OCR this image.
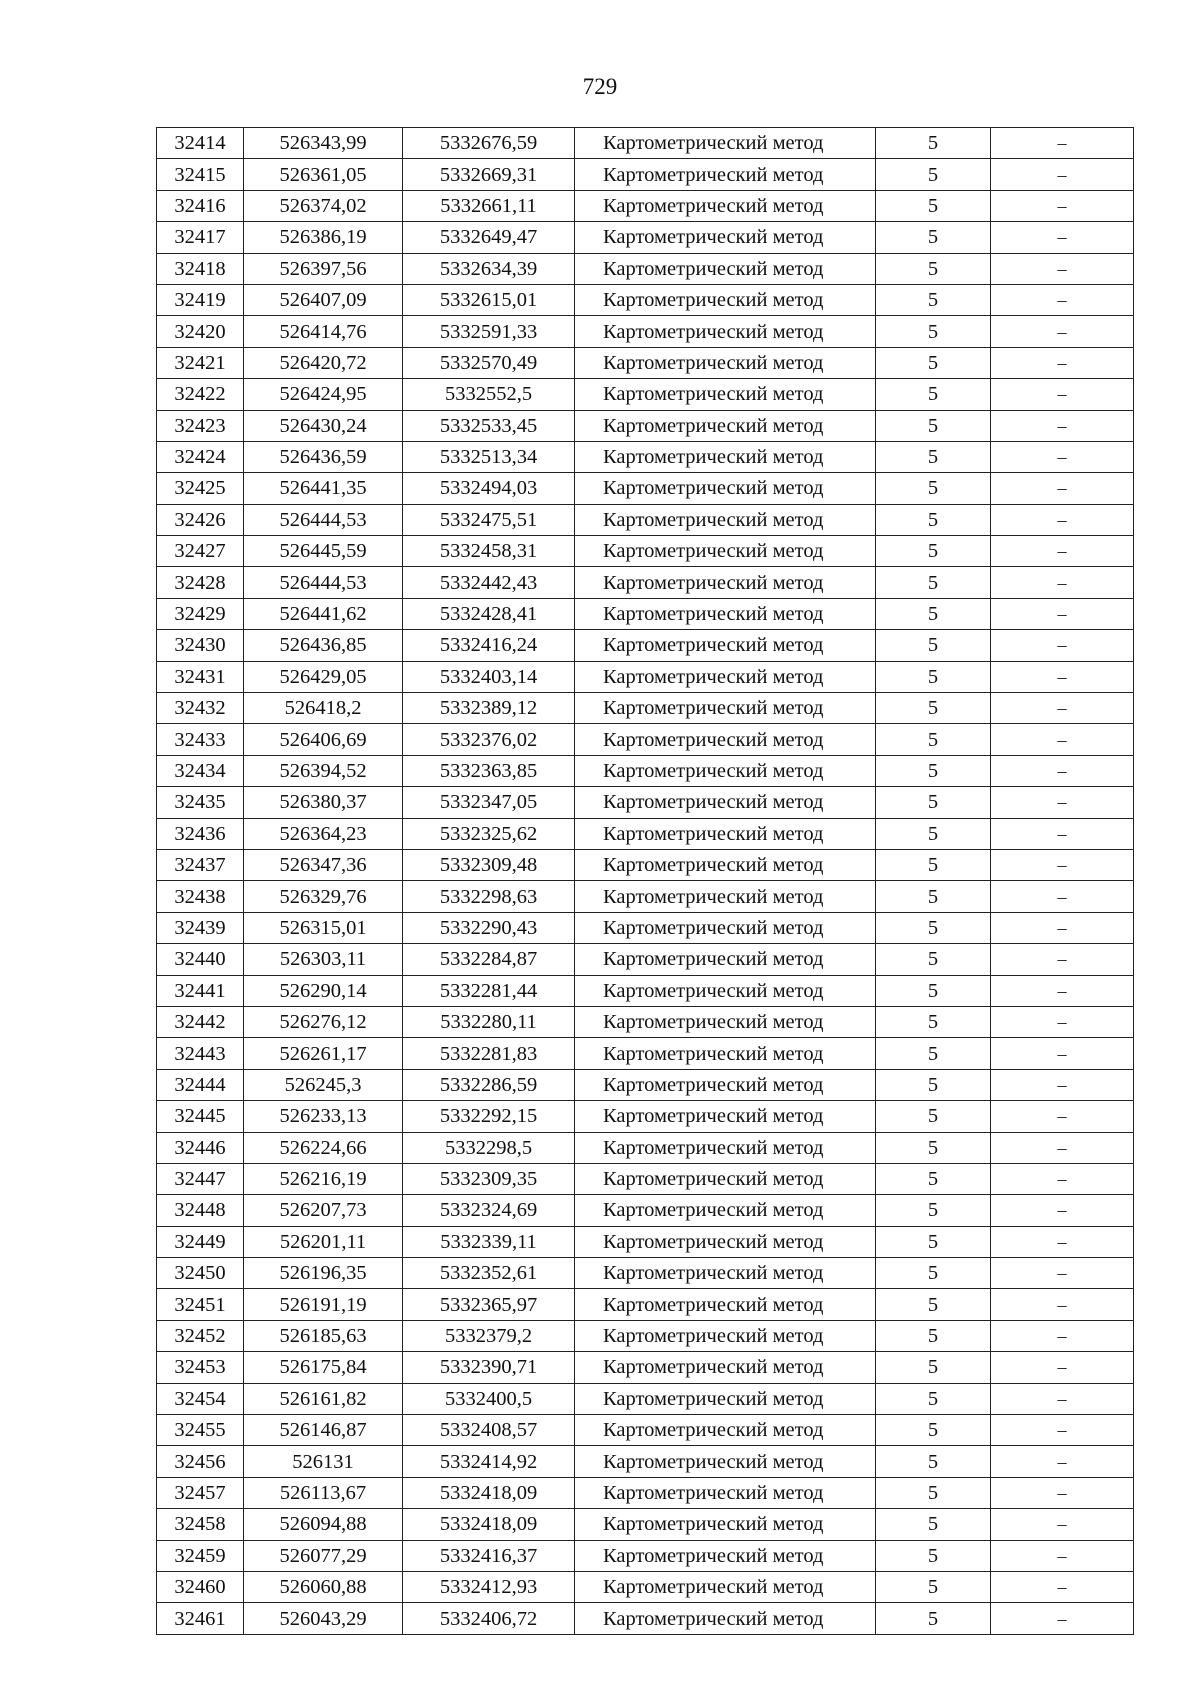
729
32414	526343,99	5332676,59	Картометрический метод	5	–
32415	526361,05	5332669,31	Картометрический метод	5	–
32416	526374,02	5332661,11	Картометрический метод	5	–
32417	526386,19	5332649,47	Картометрический метод	5	–
32418	526397,56	5332634,39	Картометрический метод	5	–
32419	526407,09	5332615,01	Картометрический метод	5	–
32420	526414,76	5332591,33	Картометрический метод	5	–
32421	526420,72	5332570,49	Картометрический метод	5	–
32422	526424,95	5332552,5	Картометрический метод	5	–
32423	526430,24	5332533,45	Картометрический метод	5	–
32424	526436,59	5332513,34	Картометрический метод	5	–
32425	526441,35	5332494,03	Картометрический метод	5	–
32426	526444,53	5332475,51	Картометрический метод	5	–
32427	526445,59	5332458,31	Картометрический метод	5	–
32428	526444,53	5332442,43	Картометрический метод	5	–
32429	526441,62	5332428,41	Картометрический метод	5	–
32430	526436,85	5332416,24	Картометрический метод	5	–
32431	526429,05	5332403,14	Картометрический метод	5	–
32432	526418,2	5332389,12	Картометрический метод	5	–
32433	526406,69	5332376,02	Картометрический метод	5	–
32434	526394,52	5332363,85	Картометрический метод	5	–
32435	526380,37	5332347,05	Картометрический метод	5	–
32436	526364,23	5332325,62	Картометрический метод	5	–
32437	526347,36	5332309,48	Картометрический метод	5	–
32438	526329,76	5332298,63	Картометрический метод	5	–
32439	526315,01	5332290,43	Картометрический метод	5	–
32440	526303,11	5332284,87	Картометрический метод	5	–
32441	526290,14	5332281,44	Картометрический метод	5	–
32442	526276,12	5332280,11	Картометрический метод	5	–
32443	526261,17	5332281,83	Картометрический метод	5	–
32444	526245,3	5332286,59	Картометрический метод	5	–
32445	526233,13	5332292,15	Картометрический метод	5	–
32446	526224,66	5332298,5	Картометрический метод	5	–
32447	526216,19	5332309,35	Картометрический метод	5	–
32448	526207,73	5332324,69	Картометрический метод	5	–
32449	526201,11	5332339,11	Картометрический метод	5	–
32450	526196,35	5332352,61	Картометрический метод	5	–
32451	526191,19	5332365,97	Картометрический метод	5	–
32452	526185,63	5332379,2	Картометрический метод	5	–
32453	526175,84	5332390,71	Картометрический метод	5	–
32454	526161,82	5332400,5	Картометрический метод	5	–
32455	526146,87	5332408,57	Картометрический метод	5	–
32456	526131	5332414,92	Картометрический метод	5	–
32457	526113,67	5332418,09	Картометрический метод	5	–
32458	526094,88	5332418,09	Картометрический метод	5	–
32459	526077,29	5332416,37	Картометрический метод	5	–
32460	526060,88	5332412,93	Картометрический метод	5	–
32461	526043,29	5332406,72	Картометрический метод	5	–
